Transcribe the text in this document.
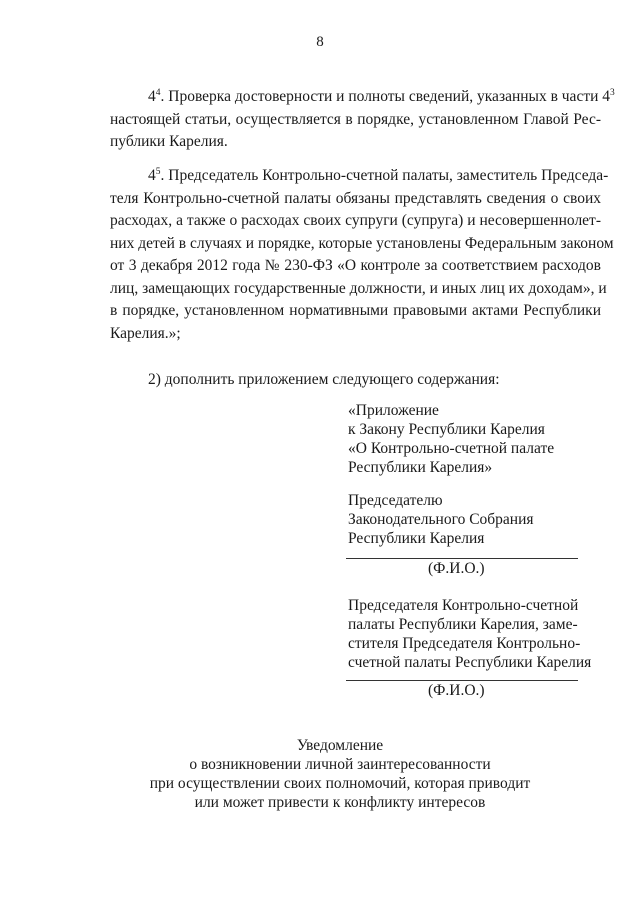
8
$4^4$. Проверка достоверности и полноты сведений, указанных в части $4^3$
настоящей статьи, осуществляется в порядке, установленном Главой Рес-
публики Карелия.
$4^5$. Председатель Контрольно-счетной палаты, заместитель Председа-
теля Контрольно-счетной палаты обязаны представлять сведения о своих
расходах, а также о расходах своих супруги (супруга) и несовершеннолет-
них детей в случаях и порядке, которые установлены Федеральным законом
от 3 декабря 2012 года № 230-ФЗ «О контроле за соответствием расходов
лиц, замещающих государственные должности, и иных лиц их доходам», и
в порядке, установленном нормативными правовыми актами Республики
Карелия.»;
2) дополнить приложением следующего содержания:
«Приложение
к Закону Республики Карелия
«О Контрольно-счетной палате
Республики Карелия»
Председателю
Законодательного Собрания
Республики Карелия
(Ф.И.О.)
Председателя Контрольно-счетной
палаты Республики Карелия, заме-
стителя Председателя Контрольно-
счетной палаты Республики Карелия
(Ф.И.О.)
Уведомление
о возникновении личной заинтересованности
при осуществлении своих полномочий, которая приводит
или может привести к конфликту интересов
